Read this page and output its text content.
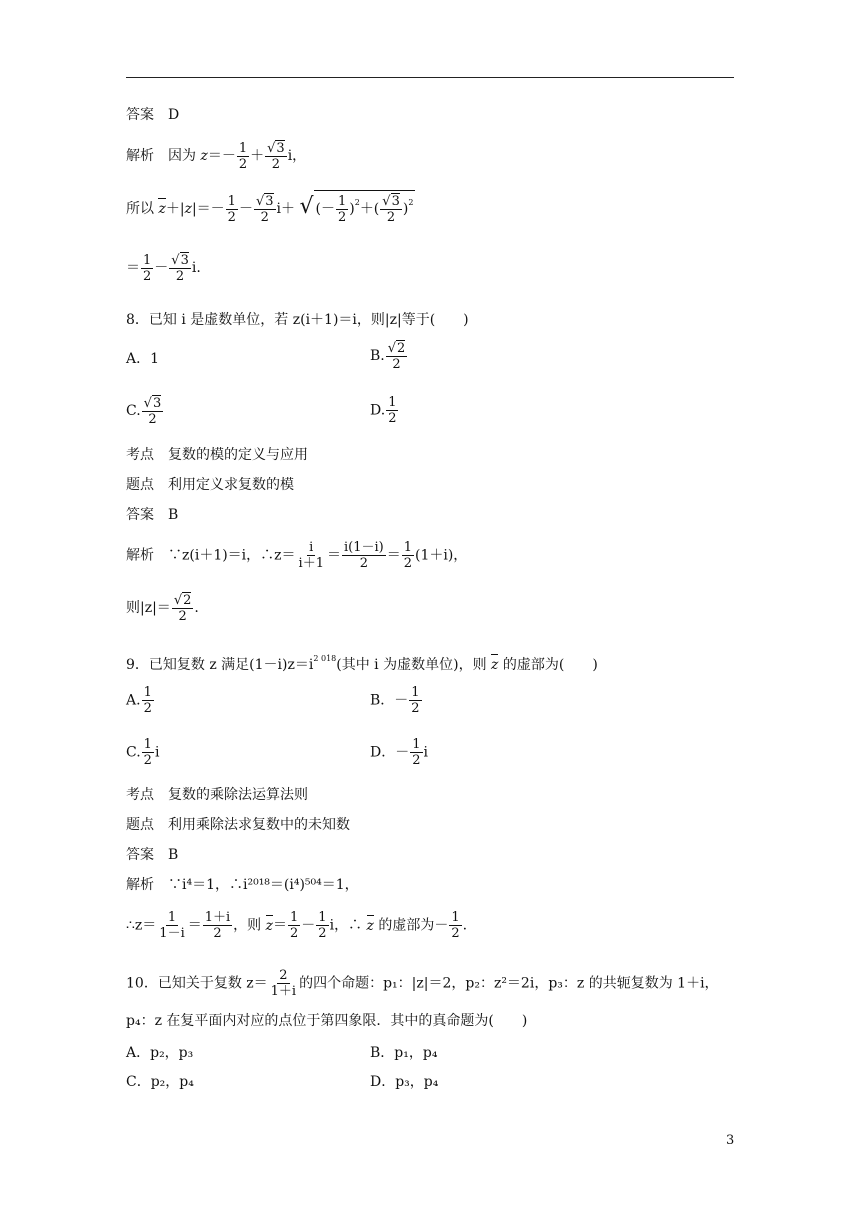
答案　 D
解析　 因为 $z=- \frac{1}{2} + \frac{√3}{2}$ i，
所以 $z+|z|=- \frac{1}{2} - \frac{√3}{2} i+$ √ (－ $\frac{1}{2} )^2+( \frac{√3}{2} )^2$
＝ $\frac{1}{2} - \frac{√3}{2} i$.
8．已知 i 是虚数单位，若 z(i＋1)＝i，则|z|等于(　　)
A．1	B. $\frac{√2}{2}$
C. $\frac{√3}{2}$	D. $\frac{1}{2}$
考点　 复数的模的定义与应用
题点　 利用定义求复数的模
答案　 B
解析　 ∵z(i＋1)＝i，∴z＝ $\frac{i}{i+1} = \frac{i(1-i)}{2} = \frac{1}{2} (1+i)$，
则$|z|= \frac{√2}{2}$ .
9．已知复数 z 满足$(1-i)z=i^{2 018}$(其中 i 为虚数单位)，则 z 的虚部为(　　)
A. $\frac{1}{2}$	B．－ $\frac{1}{2}$
C. $\frac{1}{2}$ i	D．－ $\frac{1}{2}$ i
考点　 复数的乘除法运算法则
题点　 利用乘除法求复数中的未知数
答案　 B
解析　 ∵i⁴＝1，∴i²⁰¹⁸＝(i⁴)⁵⁰⁴＝1，
∴z＝ $\frac{1}{1-i} = \frac{1+i}{2}$ ，则 $z= \frac{1}{2} - \frac{1}{2}$ i，∴ z 的虚部为－ $\frac{1}{2}$ .
10．已知关于复数 $z= \frac{2}{1+i}$ 的四个命题：p₁：|z|＝2，p₂：z²＝2i，p₃：z 的共轭复数为 1＋i，
p₄：z 在复平面内对应的点位于第四象限．其中的真命题为(　　)
A．p₂，p₃	B．p₁，p₄
C．p₂，p₄	D．p₃，p₄
3
